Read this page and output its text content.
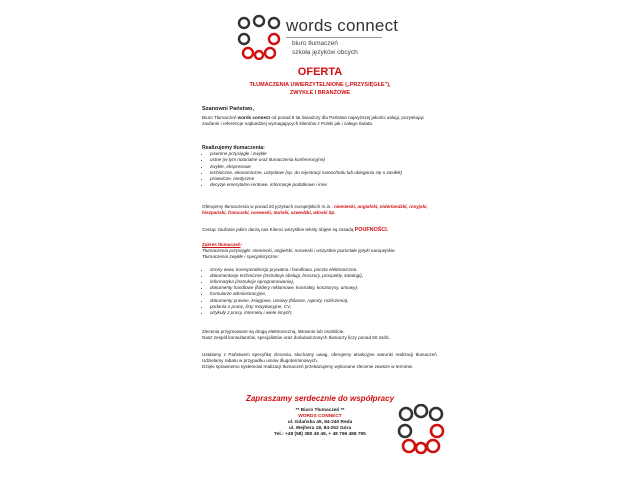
words connect
biuro tłumaczeń
szkoła języków obcych
OFERTA
TŁUMACZENIA UWIERZYTELNIONE („PRZYSIĘGŁE"),
ZWYKŁE I BRANŻOWE
Szanowni Państwo,
Biuro Tłumaczeń words connect od ponad 8 lat świadczy dla Państwa najwyższej jakości usługi, pozyskując zaufanie i referencje najbardziej wymagających klientów z Polski jak i całego świata.
Realizujemy tłumaczenia:
• pisemne przysięgłe i zwykłe
• ustne (w tym notarialne oraz tłumaczenia konferencyjne)
• zwykłe, ekspresowe
• techniczne, ekonomiczne, urzędowe (np. do rejestracji samochodu lub ubiegania się o zasiłek)
• prawnicze, medyczne
• decyzje emerytalno-rentowe, informacje podatkowe i inne
Oferujemy tłumaczenia w ponad 20 językach europejskich m.in.: niemiecki, angielski, niderlandzki, rosyjski, hiszpański, francuski, norweski, duński, szwedzki, włoski itp.
Ceniąc zaufanie jakim darzą nas Klienci wszystkie teksty objęte są zasadą POUFNOŚCI.
Zakres tłumaczeń:
Tłumaczenia przysięgłe: niemiecki, angielski, norweski i wszystkie pozostałe języki europejskie.
Tłumaczenia zwykłe i specjalistyczne:
• strony www, korespondencja prywatna i handlowa, poczta elektroniczna.
• dokumentacje techniczne (instrukcje obsługi, broszury, prospekty, katalogi),
• informatyka (instrukcje oprogramowania),
• dokumenty handlowe (foldery reklamowe, kontrakty, kosztorysy, umowy),
• formularze administracyjne,
• dokumenty prawne, księgowe, umowy (bilanse, raporty, rozliczenia),
• podania o pracę, listy motywacyjne, CV,
• artykuły z prasy, Internetu i wiele innych;
Zlecenia przyjmowane są drogą elektroniczną, listownie lub osobiście.
Nasz zespół konsultantów, specjalistów oraz doświadczonych tłumaczy liczy ponad 50 osób.
Ustalamy z Państwem specyfikę zlecenia, słuchamy uwag, oferujemy atrakcyjne warunki realizacji tłumaczeń. Udzielamy rabatu w przypadku umów długoterminowych.
Dzięki sprawnemu systemowi realizacji tłumaczeń przekazujemy wykonane zlecenie zawsze w terminie.
Zapraszamy serdecznie do współpracy
** Biuro Tłumaczeń **
WORDS CONNECT
ul. Gdańska 45, 84-240 Reda
ul. Wejhera 18, 84-252 Góra
Tel.: +48 (58) 380 49 49, + 48 796 488 795
